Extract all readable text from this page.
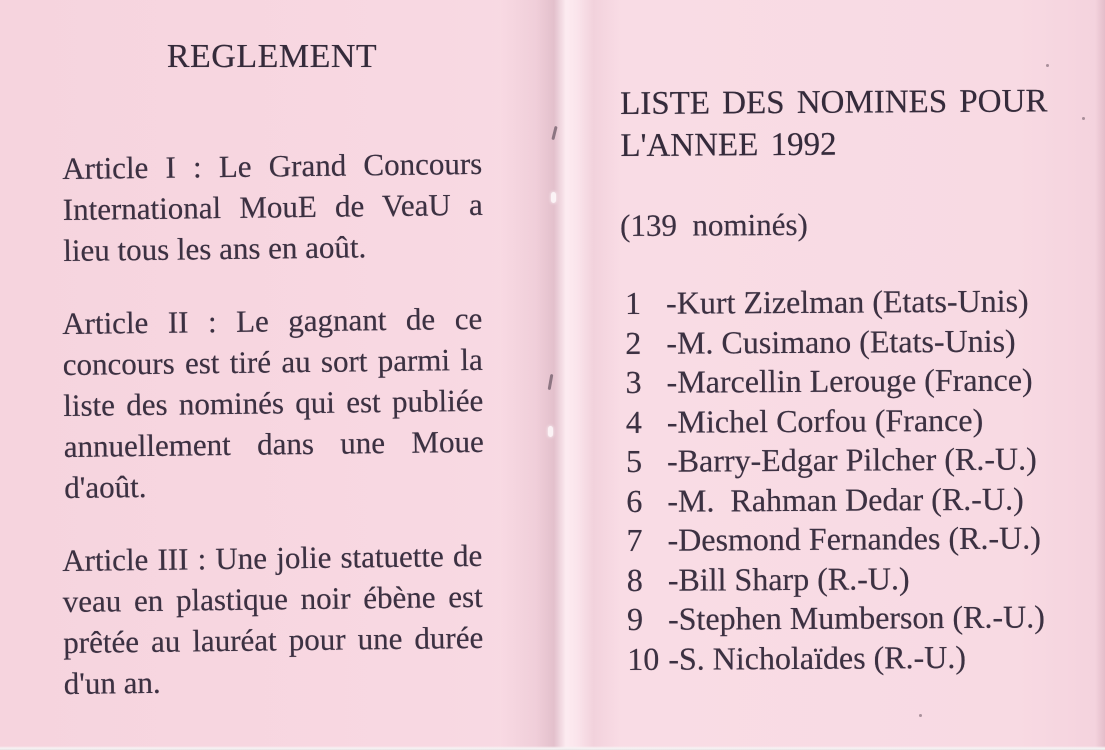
REGLEMENT

Article I : Le Grand Concours International MouE de VeaU a lieu tous les ans en août.

Article II : Le gagnant de ce concours est tiré au sort parmi la liste des nominés qui est publiée annuellement dans une Moue d'août.

Article III : Une jolie statuette de veau en plastique noir ébène est prêtée au lauréat pour une durée d'un an.

LISTE DES NOMINES POUR L'ANNEE 1992
(139  nominés)
1 -Kurt Zizelman (Etats-Unis)
2 -M. Cusimano (Etats-Unis)
3 -Marcellin Lerouge (France)
4 -Michel Corfou (France)
5 -Barry-Edgar Pilcher (R.-U.)
6 -M.  Rahman Dedar (R.-U.)
7 -Desmond Fernandes (R.-U.)
8 -Bill Sharp (R.-U.)
9 -Stephen Mumberson (R.-U.)
10 -S. Nicholaïdes (R.-U.)
